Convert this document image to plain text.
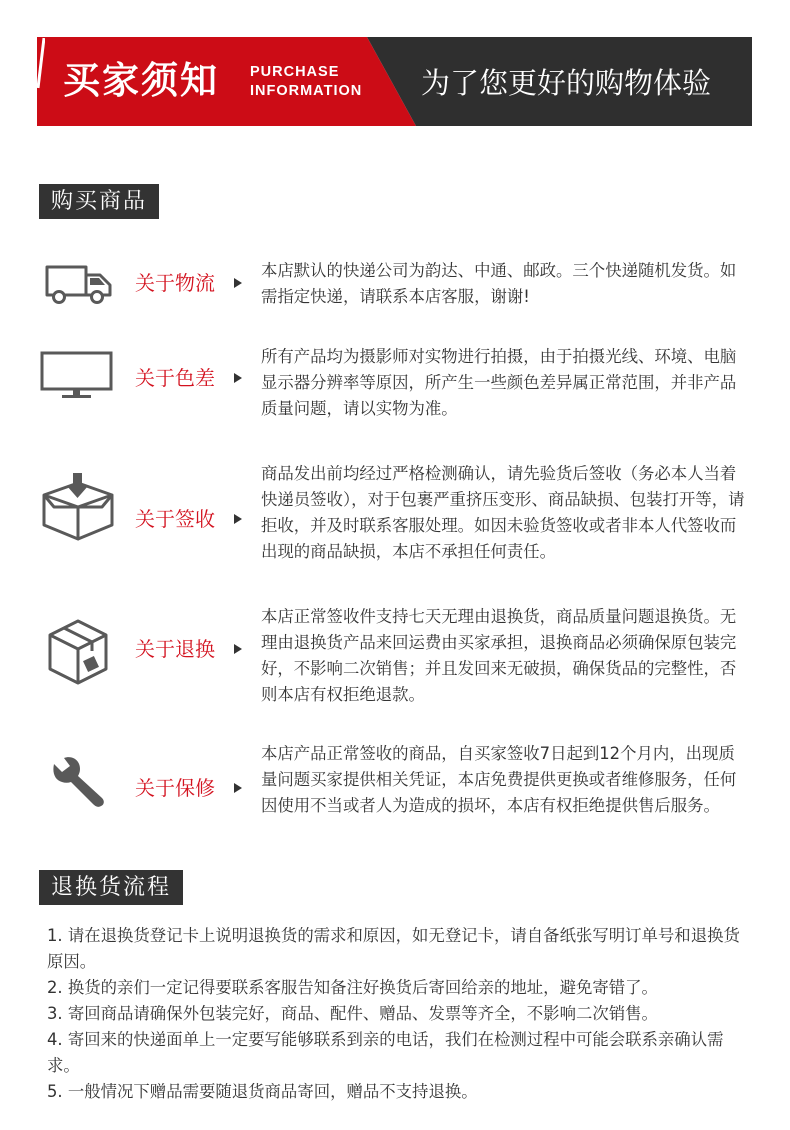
买家须知 PURCHASE
INFORMATION 为了您更好的购物体验
购买商品
关于物流
本店默认的快递公司为韵达、中通、邮政。三个快递随机发货。如需指定快递，请联系本店客服，谢谢!
关于色差
所有产品均为摄影师对实物进行拍摄，由于拍摄光线、环境、电脑显示器分辨率等原因，所产生一些颜色差异属正常范围，并非产品质量问题，请以实物为准。
关于签收
商品发出前均经过严格检测确认，请先验货后签收（务必本人当着快递员签收），对于包裹严重挤压变形、商品缺损、包装打开等，请拒收，并及时联系客服处理。如因未验货签收或者非本人代签收而出现的商品缺损，本店不承担任何责任。
关于退换
本店正常签收件支持七天无理由退换货，商品质量问题退换货。无理由退换货产品来回运费由买家承担，退换商品必须确保原包装完好，不影响二次销售；并且发回来无破损，确保货品的完整性，否则本店有权拒绝退款。
关于保修
本店产品正常签收的商品，自买家签收7日起到12个月内，出现质量问题买家提供相关凭证，本店免费提供更换或者维修服务，任何因使用不当或者人为造成的损坏，本店有权拒绝提供售后服务。
退换货流程
1. 请在退换货登记卡上说明退换货的需求和原因，如无登记卡，请自备纸张写明订单号和退换货原因。
2. 换货的亲们一定记得要联系客服告知备注好换货后寄回给亲的地址，避免寄错了。
3. 寄回商品请确保外包装完好，商品、配件、赠品、发票等齐全，不影响二次销售。
4. 寄回来的快递面单上一定要写能够联系到亲的电话，我们在检测过程中可能会联系亲确认需求。
5. 一般情况下赠品需要随退货商品寄回，赠品不支持退换。
